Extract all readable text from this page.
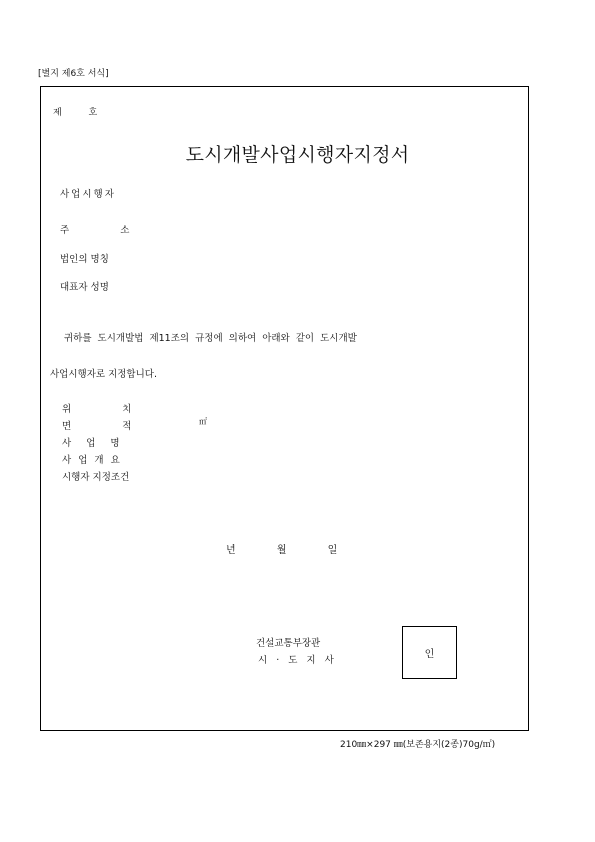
[별지 제6호 서식]
제 호
도시개발사업시행자지정서
사업시행자
주 소
법인의 명칭
대표자 성명
귀하를 도시개발법 제11조의 규정에 의하여 아래와 같이 도시개발
사업시행자로 지정합니다.
위 치
면 적	㎡
사 업 명
사 업 개 요
시행자 지정조건
년 월 일
건설교통부장관
시 · 도 지 사
인
210㎜×297 ㎜(보존용지(2종)70g/㎡)
